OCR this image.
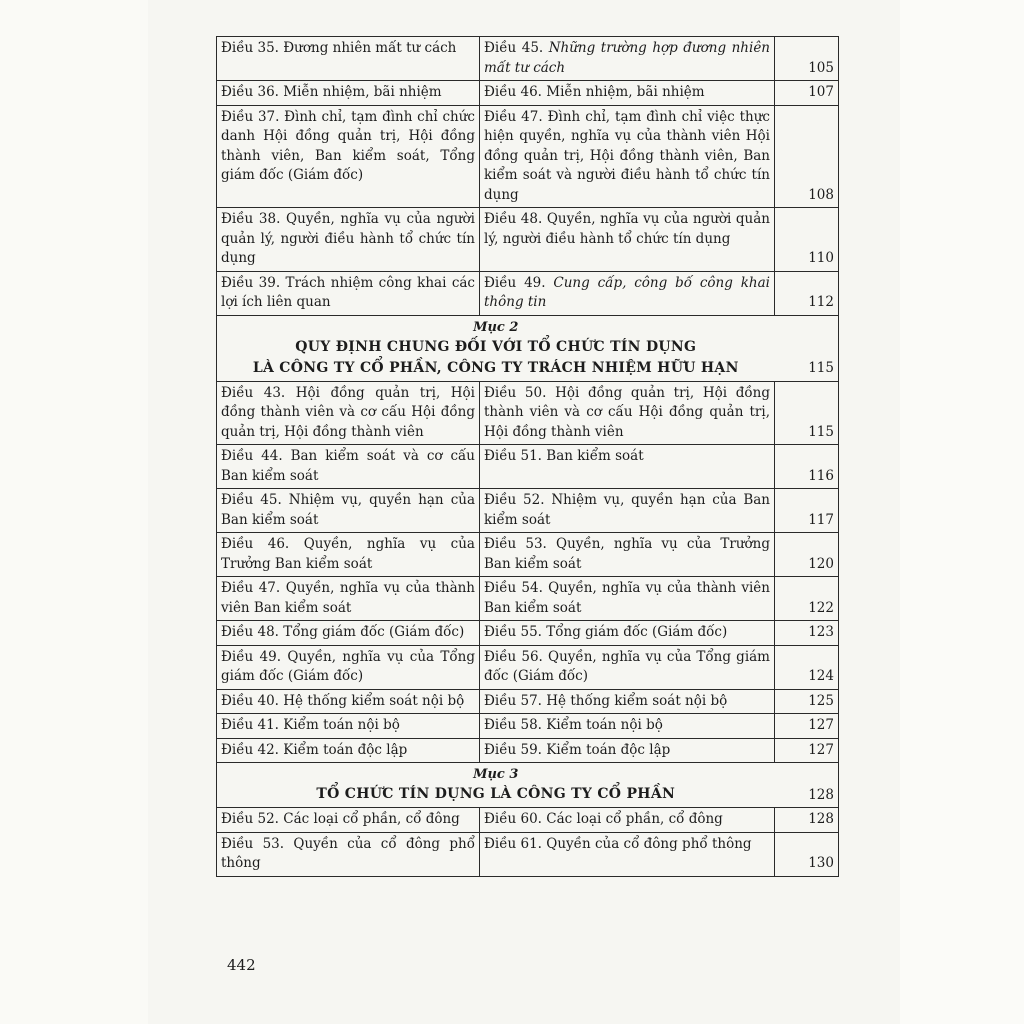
Điều 35. Đương nhiên mất tư cách	Điều 45. Những trường hợp đương nhiên mất tư cách	105
Điều 36. Miễn nhiệm, bãi nhiệm	Điều 46. Miễn nhiệm, bãi nhiệm	107
Điều 37. Đình chỉ, tạm đình chỉ chức danh Hội đồng quản trị, Hội đồng thành viên, Ban kiểm soát, Tổng giám đốc (Giám đốc)	Điều 47. Đình chỉ, tạm đình chỉ việc thực hiện quyền, nghĩa vụ của thành viên Hội đồng quản trị, Hội đồng thành viên, Ban kiểm soát và người điều hành tổ chức tín dụng	108
Điều 38. Quyền, nghĩa vụ của người quản lý, người điều hành tổ chức tín dụng	Điều 48. Quyền, nghĩa vụ của người quản lý, người điều hành tổ chức tín dụng	110
Điều 39. Trách nhiệm công khai các lợi ích liên quan	Điều 49. Cung cấp, công bố công khai thông tin	112

Mục 2
QUY ĐỊNH CHUNG ĐỐI VỚI TỔ CHỨC TÍN DỤNG
LÀ CÔNG TY CỔ PHẦN, CÔNG TY TRÁCH NHIỆM HỮU HẠN		115
Điều 43. Hội đồng quản trị, Hội đồng thành viên và cơ cấu Hội đồng quản trị, Hội đồng thành viên	Điều 50. Hội đồng quản trị, Hội đồng thành viên và cơ cấu Hội đồng quản trị, Hội đồng thành viên	115
Điều 44. Ban kiểm soát và cơ cấu Ban kiểm soát	Điều 51. Ban kiểm soát	116
Điều 45. Nhiệm vụ, quyền hạn của Ban kiểm soát	Điều 52. Nhiệm vụ, quyền hạn của Ban kiểm soát	117
Điều 46. Quyền, nghĩa vụ của Trưởng Ban kiểm soát	Điều 53. Quyền, nghĩa vụ của Trưởng Ban kiểm soát	120
Điều 47. Quyền, nghĩa vụ của thành viên Ban kiểm soát	Điều 54. Quyền, nghĩa vụ của thành viên Ban kiểm soát	122
Điều 48. Tổng giám đốc (Giám đốc)	Điều 55. Tổng giám đốc (Giám đốc)	123
Điều 49. Quyền, nghĩa vụ của Tổng giám đốc (Giám đốc)	Điều 56. Quyền, nghĩa vụ của Tổng giám đốc (Giám đốc)	124
Điều 40. Hệ thống kiểm soát nội bộ	Điều 57. Hệ thống kiểm soát nội bộ	125
Điều 41. Kiểm toán nội bộ	Điều 58. Kiểm toán nội bộ	127
Điều 42. Kiểm toán độc lập	Điều 59. Kiểm toán độc lập	127

Mục 3
TỔ CHỨC TÍN DỤNG LÀ CÔNG TY CỔ PHẦN		128
Điều 52. Các loại cổ phần, cổ đông	Điều 60. Các loại cổ phần, cổ đông	128
Điều 53. Quyền của cổ đông phổ thông	Điều 61. Quyền của cổ đông phổ thông	130
442
